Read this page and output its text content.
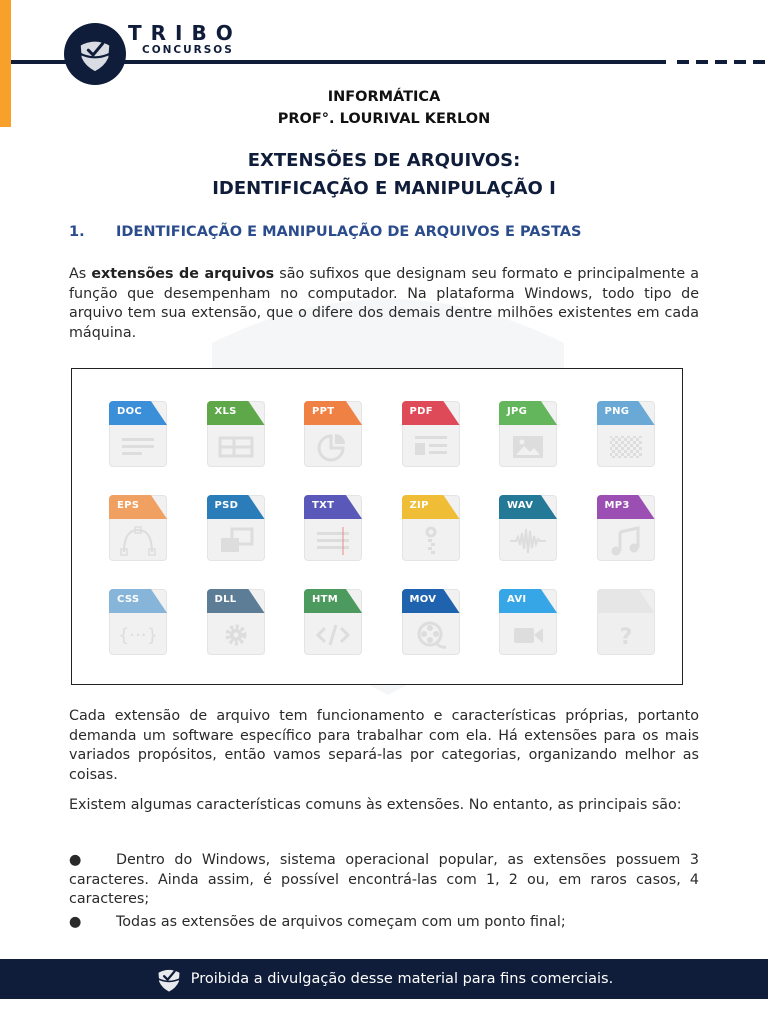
TRIBO
CONCURSOS
INFORMÁTICA
PROF°. LOURIVAL KERLON
EXTENSÕES DE ARQUIVOS:
IDENTIFICAÇÃO E MANIPULAÇÃO I
1. IDENTIFICAÇÃO E MANIPULAÇÃO DE ARQUIVOS E PASTAS
As extensões de arquivos são sufixos que designam seu formato e principalmente a função que desempenham no computador. Na plataforma Windows, todo tipo de arquivo tem sua extensão, que o difere dos demais dentre milhões existentes em cada máquina.
DOC	XLS	PPT	PDF	JPG	PNG
EPS	PSD	TXT	ZIP	WAV	MP3
CSS
{···}
DLL	HTM	MOV	AVI
?
Cada extensão de arquivo tem funcionamento e características próprias, portanto demanda um software específico para trabalhar com ela. Há extensões para os mais variados propósitos, então vamos separá-las por categorias, organizando melhor as coisas.
Existem algumas características comuns às extensões. No entanto, as principais são:
● Dentro do Windows, sistema operacional popular, as extensões possuem 3 caracteres. Ainda assim, é possível encontrá-las com 1, 2 ou, em raros casos, 4 caracteres;
● Todas as extensões de arquivos começam com um ponto final;
Proibida a divulgação desse material para fins comerciais.
